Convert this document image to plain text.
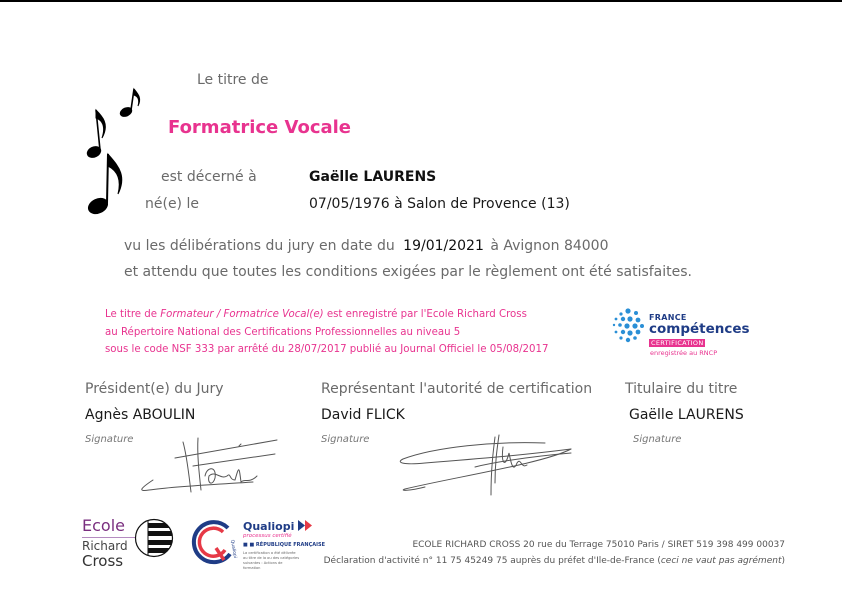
Le titre de
Formatrice Vocale
est décerné à	Gaëlle LAURENS
né(e) le	07/05/1976 à Salon de Provence (13)
vu les délibérations du jury en date du 19/01/2021 à Avignon 84000
et attendu que toutes les conditions exigées par le règlement ont été satisfaites.
Le titre de Formateur / Formatrice Vocal(e) est enregistré par l'Ecole Richard Cross
au Répertoire National des Certifications Professionnelles au niveau 5
sous le code NSF 333 par arrêté du 28/07/2017 publié au Journal Officiel le 05/08/2017
FRANCE
compétences
CERTIFICATION
enregistrée au RNCP
Président(e) du Jury
Agnès ABOULIN
Signature
Représentant l'autorité de certification
David FLICK
Signature
Titulaire du titre
Gaëlle LAURENS
Signature
Ecole
Richard
Cross
Qualiopi
Qualiopi
processus certifié
■ ■ RÉPUBLIQUE FRANÇAISE
La certification a été délivrée au titre de la ou des catégories suivantes : Actions de formation
ECOLE RICHARD CROSS 20 rue du Terrage 75010 Paris / SIRET 519 398 499 00037
Déclaration d'activité n° 11 75 45249 75 auprès du préfet d'Ile-de-France (ceci ne vaut pas agrément)
